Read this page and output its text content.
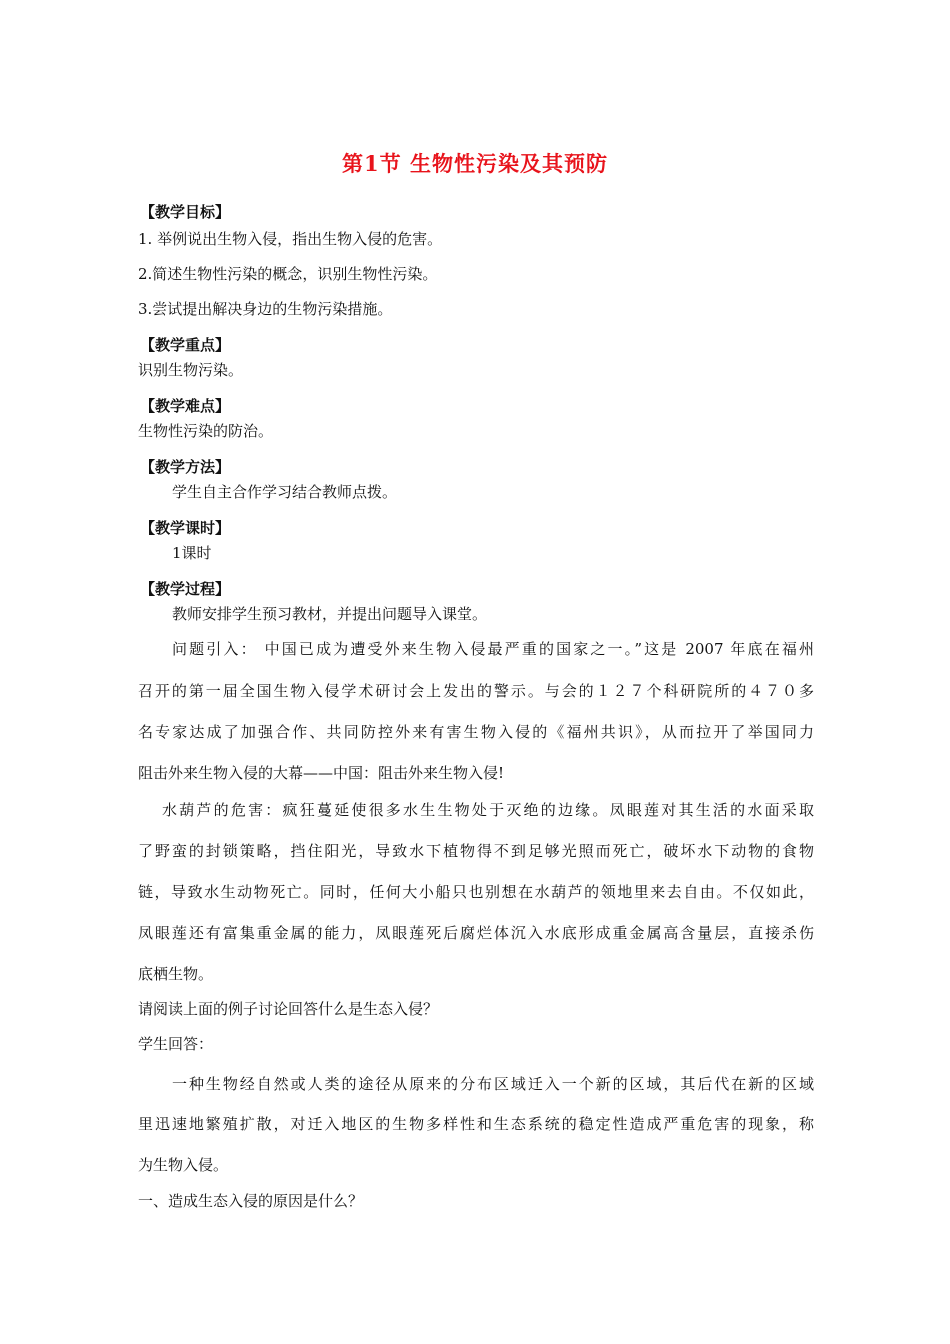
第1节 生物性污染及其预防
【教学目标】
1. 举例说出生物入侵，指出生物入侵的危害。
2.简述生物性污染的概念，识别生物性污染。
3.尝试提出解决身边的生物污染措施。
【教学重点】
识别生物污染。
【教学难点】
生物性污染的防治。
【教学方法】
学生自主合作学习结合教师点拨。
【教学课时】
1课时
【教学过程】
教师安排学生预习教材，并提出问题导入课堂。
问题引入： 中国已成为遭受外来生物入侵最严重的国家之一。”这是 2007 年底在福州
召开的第一届全国生物入侵学术研讨会上发出的警示。与会的１２７个科研院所的４７０多
名专家达成了加强合作、共同防控外来有害生物入侵的《福州共识》，从而拉开了举国同力
阻击外来生物入侵的大幕——中国：阻击外来生物入侵!
水葫芦的危害：疯狂蔓延使很多水生生物处于灭绝的边缘。凤眼莲对其生活的水面采取
了野蛮的封锁策略，挡住阳光，导致水下植物得不到足够光照而死亡，破坏水下动物的食物
链，导致水生动物死亡。同时，任何大小船只也别想在水葫芦的领地里来去自由。不仅如此，
凤眼莲还有富集重金属的能力，凤眼莲死后腐烂体沉入水底形成重金属高含量层，直接杀伤
底栖生物。
请阅读上面的例子讨论回答什么是生态入侵？
学生回答：
一种生物经自然或人类的途径从原来的分布区域迁入一个新的区域，其后代在新的区域
里迅速地繁殖扩散，对迁入地区的生物多样性和生态系统的稳定性造成严重危害的现象，称
为生物入侵。
一、造成生态入侵的原因是什么？
